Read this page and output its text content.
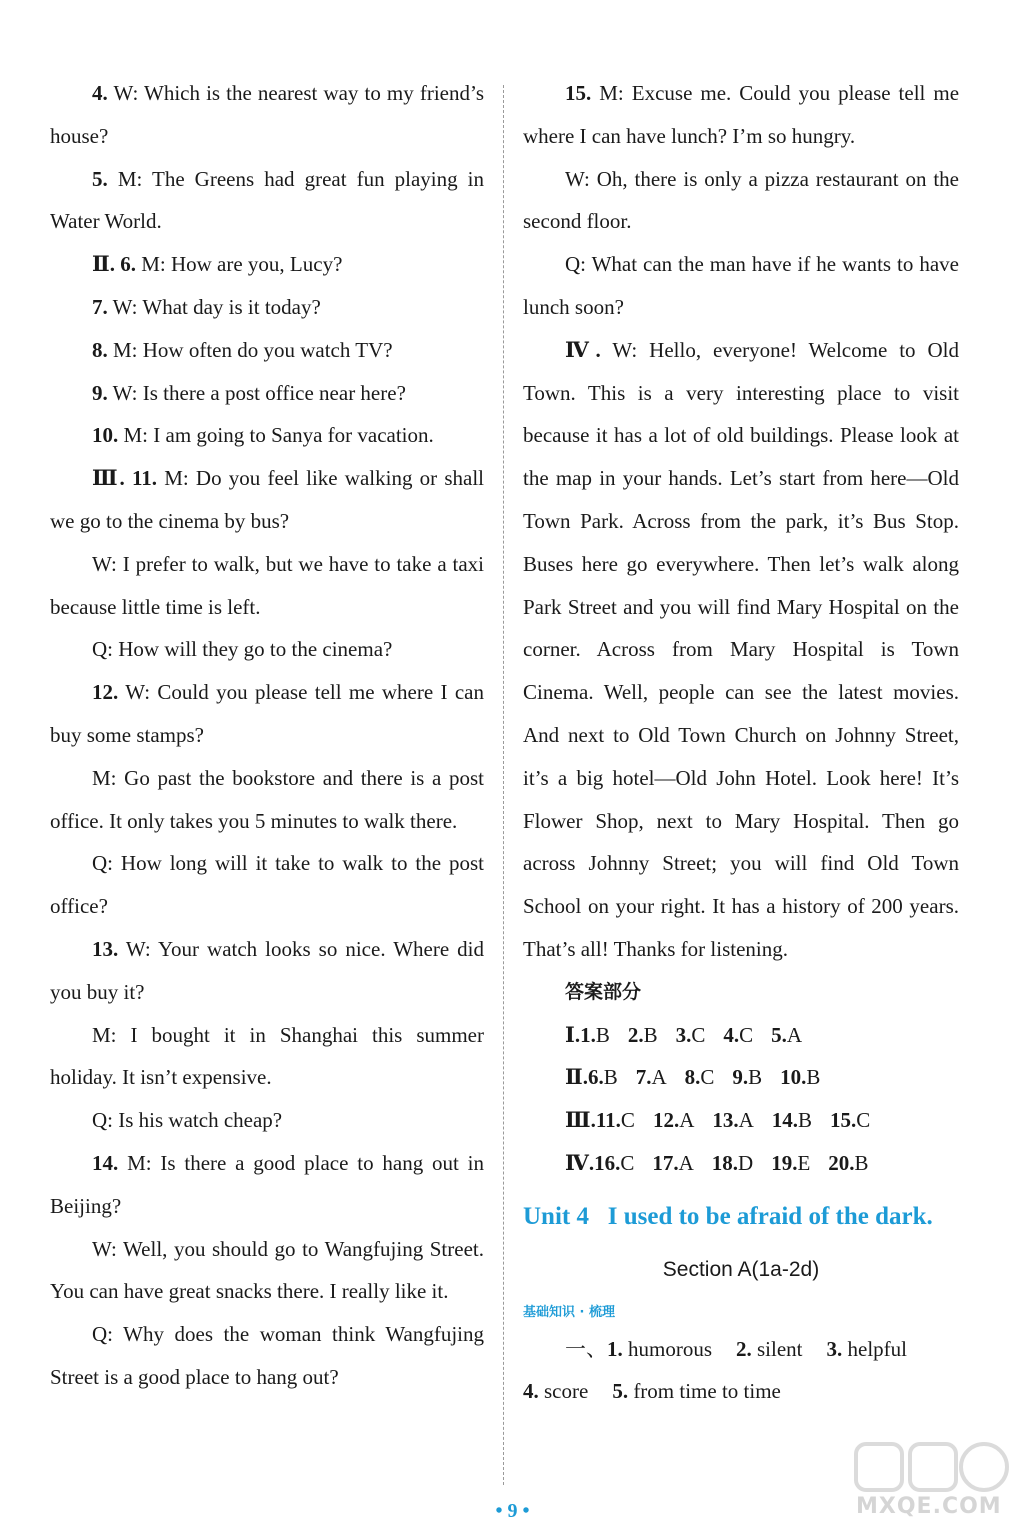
4. W: Which is the nearest way to my friend’s house?

5. M: The Greens had great fun playing in Water World.

Ⅱ. 6. M: How are you, Lucy?

7. W: What day is it today?

8. M: How often do you watch TV?

9. W: Is there a post office near here?

10. M: I am going to Sanya for vacation.

Ⅲ. 11. M: Do you feel like walking or shall we go to the cinema by bus?

W: I prefer to walk, but we have to take a taxi because little time is left.

Q: How will they go to the cinema?

12. W: Could you please tell me where I can buy some stamps?

M: Go past the bookstore and there is a post office. It only takes you 5 minutes to walk there.

Q: How long will it take to walk to the post office?

13. W: Your watch looks so nice. Where did you buy it?

M: I bought it in Shanghai this summer holiday. It isn’t expensive.

Q: Is his watch cheap?

14. M: Is there a good place to hang out in Beijing?

W: Well, you should go to Wangfujing Street. You can have great snacks there. I really like it.

Q: Why does the woman think Wangfujing Street is a good place to hang out?

15. M: Excuse me. Could you please tell me where I can have lunch? I’m so hungry.

W: Oh, there is only a pizza restaurant on the second floor.

Q: What can the man have if he wants to have lunch soon?

Ⅳ. W: Hello, everyone! Welcome to Old Town. This is a very interesting place to visit because it has a lot of old buildings. Please look at the map in your hands. Let’s start from here—Old Town Park. Across from the park, it’s Bus Stop. Buses here go everywhere. Then let’s walk along Park Street and you will find Mary Hospital on the corner. Across from Mary Hospital is Town Cinema. Well, people can see the latest movies. And next to Old Town Church on Johnny Street, it’s a big hotel—Old John Hotel. Look here! It’s Flower Shop, next to Mary Hospital. Then go across Johnny Street; you will find Old Town School on your right. It has a history of 200 years. That’s all! Thanks for listening.

答案部分

Ⅰ.1.B 2.B 3.C 4.C 5.A
Ⅱ.6.B 7.A 8.C 9.B 10.B
Ⅲ.11.C 12.A 13.A 14.B 15.C
Ⅳ.16.C 17.A 18.D 19.E 20.B
Unit 4 I used to be afraid of the dark.
Section A(1a-2d)

基础知识 · 梳理

一、1. humorous 2. silent 3. helpful
4. score 5. from time to time
• 9 •	MXQE.COM
